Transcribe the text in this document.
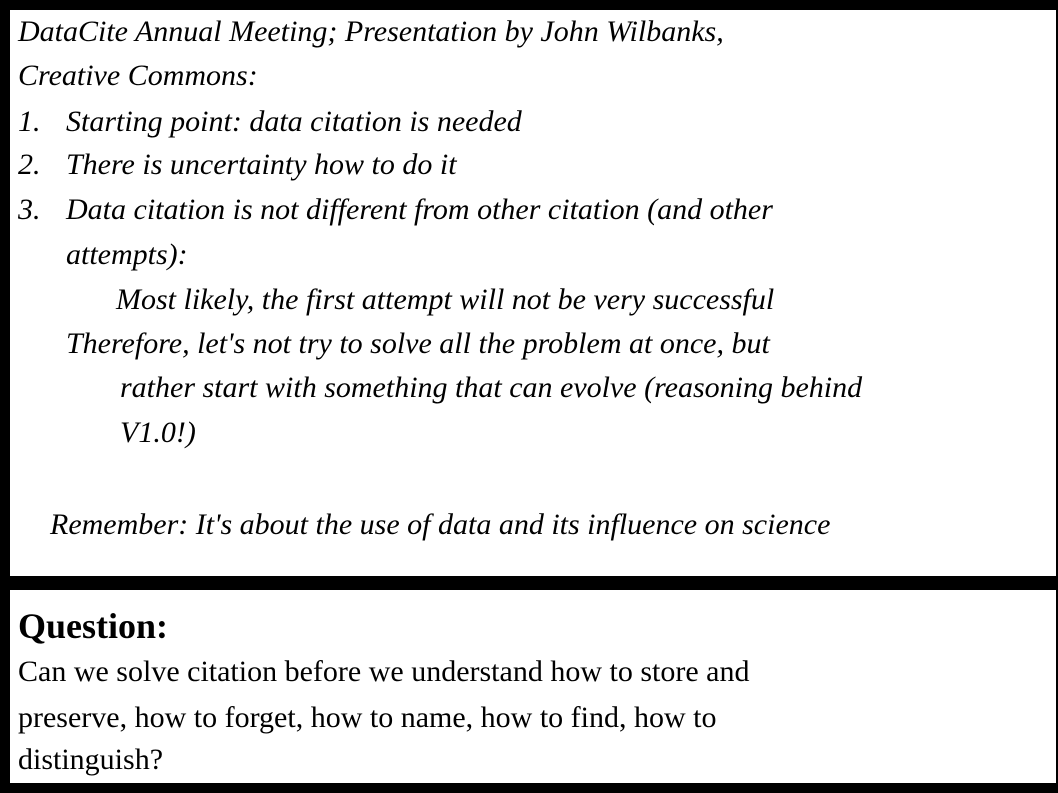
DataCite Annual Meeting; Presentation by John Wilbanks,
Creative Commons:
1. Starting point: data citation is needed
2. There is uncertainty how to do it
3. Data citation is not different from other citation (and other
attempts):
Most likely, the first attempt will not be very successful
Therefore, let's not try to solve all the problem at once, but
rather start with something that can evolve (reasoning behind
V1.0!)
Remember: It's about the use of data and its influence on science
Question:
Can we solve citation before we understand how to store and
preserve, how to forget, how to name, how to find, how to
distinguish?
